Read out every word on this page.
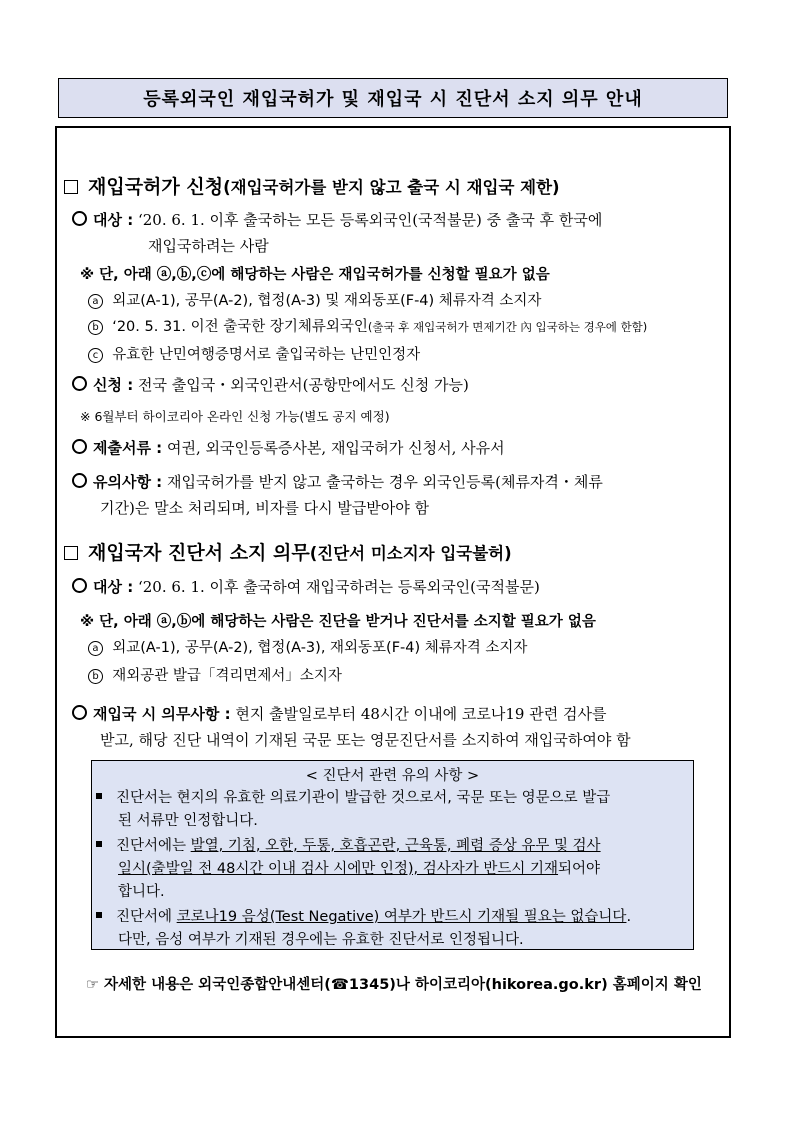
등록외국인 재입국허가 및 재입국 시 진단서 소지 의무 안내
재입국허가 신청(재입국허가를 받지 않고 출국 시 재입국 제한)
대상 : ‘20. 6. 1. 이후 출국하는 모든 등록외국인(국적불문) 중 출국 후 한국에
재입국하려는 사람
※ 단, 아래 ⓐ,ⓑ,ⓒ에 해당하는 사람은 재입국허가를 신청할 필요가 없음
a 외교(A-1), 공무(A-2), 협정(A-3) 및 재외동포(F-4) 체류자격 소지자
b ‘20. 5. 31. 이전 출국한 장기체류외국인(출국 후 재입국허가 면제기간 內 입국하는 경우에 한함)
c 유효한 난민여행증명서로 출입국하는 난민인정자
신청 : 전국 출입국・외국인관서(공항만에서도 신청 가능)
※ 6월부터 하이코리아 온라인 신청 가능(별도 공지 예정)
제출서류 : 여권, 외국인등록증사본, 재입국허가 신청서, 사유서
유의사항 : 재입국허가를 받지 않고 출국하는 경우 외국인등록(체류자격・체류
기간)은 말소 처리되며, 비자를 다시 발급받아야 함
재입국자 진단서 소지 의무(진단서 미소지자 입국불허)
대상 : ‘20. 6. 1. 이후 출국하여 재입국하려는 등록외국인(국적불문)
※ 단, 아래 ⓐ,ⓑ에 해당하는 사람은 진단을 받거나 진단서를 소지할 필요가 없음
a 외교(A-1), 공무(A-2), 협정(A-3), 재외동포(F-4) 체류자격 소지자
b 재외공관 발급「격리면제서」소지자
재입국 시 의무사항 : 현지 출발일로부터 48시간 이내에 코로나19 관련 검사를
받고, 해당 진단 내역이 기재된 국문 또는 영문진단서를 소지하여 재입국하여야 함
< 진단서 관련 유의 사항 >
진단서는 현지의 유효한 의료기관이 발급한 것으로서, 국문 또는 영문으로 발급
된 서류만 인정합니다.
진단서에는 발열, 기침, 오한, 두통, 호흡곤란, 근육통, 폐렴 증상 유무 및 검사
일시(출발일 전 48시간 이내 검사 시에만 인정), 검사자가 반드시 기재되어야
합니다.
진단서에 코로나19 음성(Test Negative) 여부가 반드시 기재될 필요는 없습니다.
다만, 음성 여부가 기재된 경우에는 유효한 진단서로 인정됩니다.
☞ 자세한 내용은 외국인종합안내센터(☎1345)나 하이코리아(hikorea.go.kr) 홈페이지 확인
